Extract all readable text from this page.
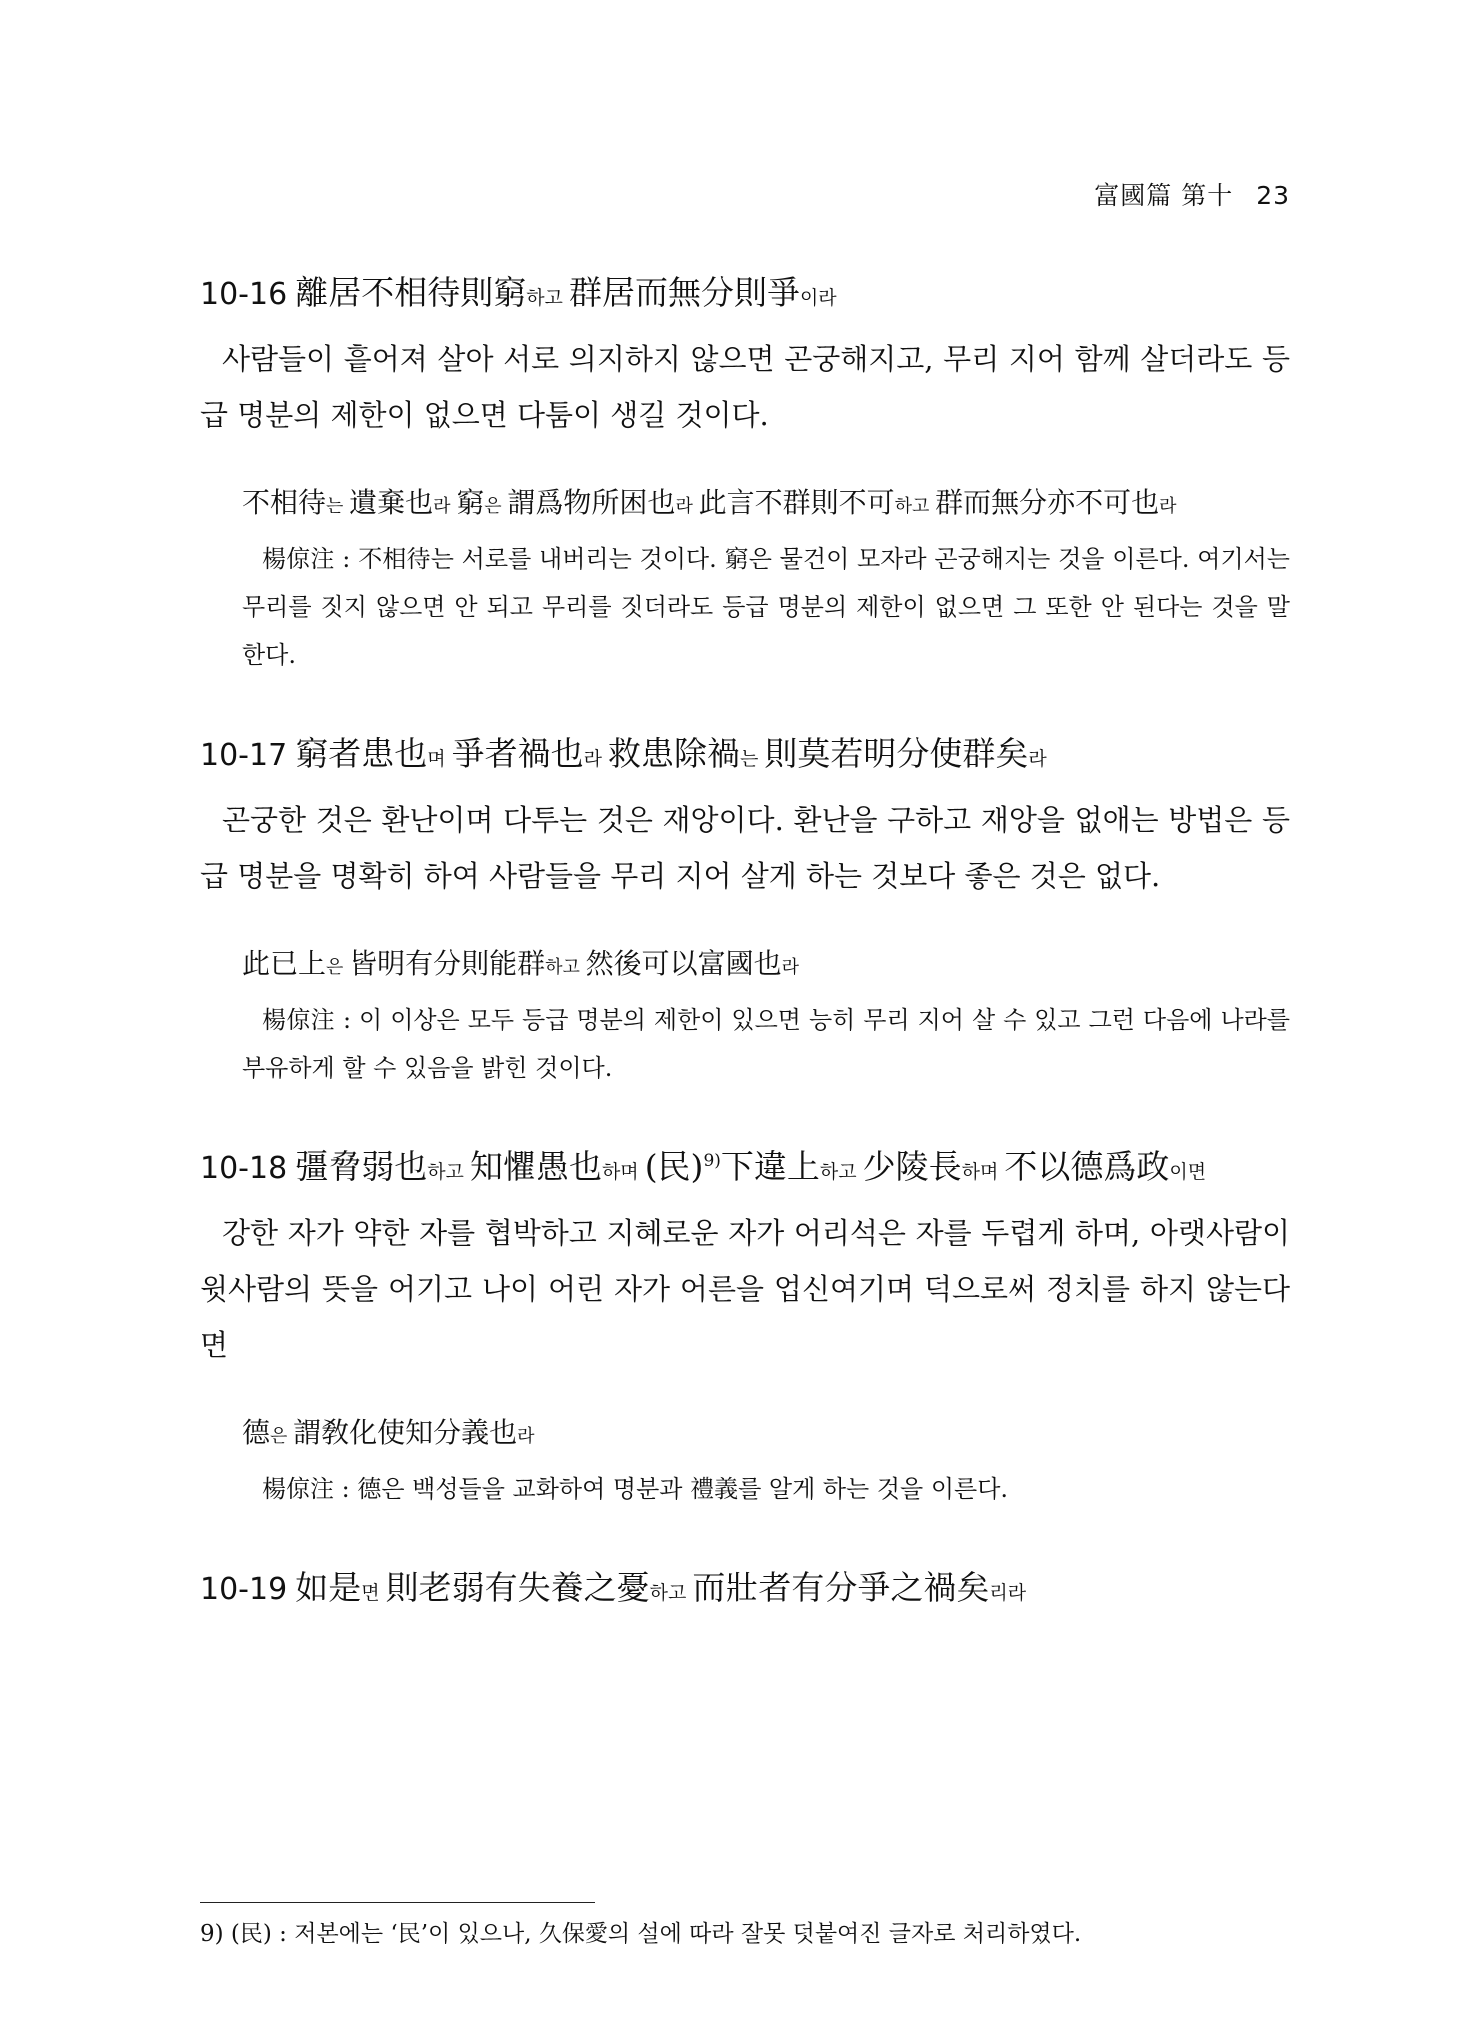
富國篇 第十 23
10-16 離居不相待則窮하고 群居而無分則爭이라
사람들이 흩어져 살아 서로 의지하지 않으면 곤궁해지고, 무리 지어 함께 살더라도 등급 명분의 제한이 없으면 다툼이 생길 것이다.
不相待는 遺棄也라 窮은 謂爲物所困也라 此言不群則不可하고 群而無分亦不可也라
楊倞注 : 不相待는 서로를 내버리는 것이다. 窮은 물건이 모자라 곤궁해지는 것을 이른다. 여기서는 무리를 짓지 않으면 안 되고 무리를 짓더라도 등급 명분의 제한이 없으면 그 또한 안 된다는 것을 말한다.
10-17 窮者患也며 爭者禍也라 救患除禍는 則莫若明分使群矣라
곤궁한 것은 환난이며 다투는 것은 재앙이다. 환난을 구하고 재앙을 없애는 방법은 등급 명분을 명확히 하여 사람들을 무리 지어 살게 하는 것보다 좋은 것은 없다.
此已上은 皆明有分則能群하고 然後可以富國也라
楊倞注 : 이 이상은 모두 등급 명분의 제한이 있으면 능히 무리 지어 살 수 있고 그런 다음에 나라를 부유하게 할 수 있음을 밝힌 것이다.
10-18 彊脅弱也하고 知懼愚也하며 (民)$^{9)}$下違上하고 少陵長하며 不以德爲政이면
강한 자가 약한 자를 협박하고 지혜로운 자가 어리석은 자를 두렵게 하며, 아랫사람이 윗사람의 뜻을 어기고 나이 어린 자가 어른을 업신여기며 덕으로써 정치를 하지 않는다면
德은 謂敎化使知分義也라
楊倞注 : 德은 백성들을 교화하여 명분과 禮義를 알게 하는 것을 이른다.
10-19 如是면 則老弱有失養之憂하고 而壯者有分爭之禍矣리라
9) (民) : 저본에는 ‘民’이 있으나, 久保愛의 설에 따라 잘못 덧붙여진 글자로 처리하였다.
